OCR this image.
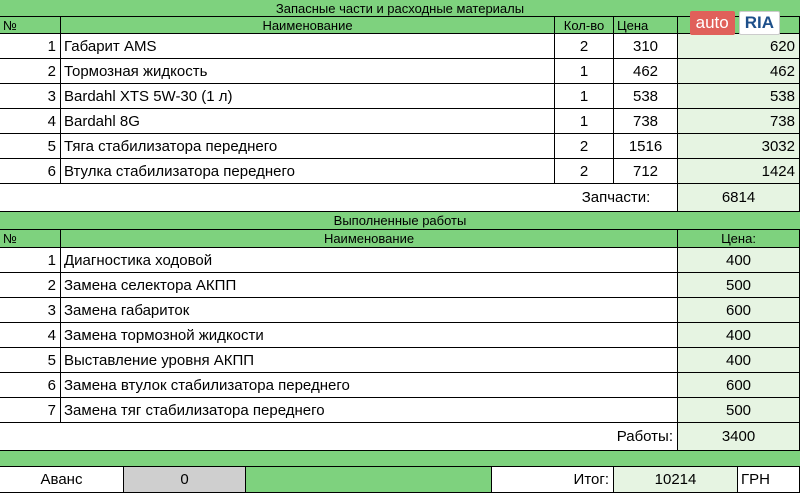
Запасные части и расходные материалы
№	Наименование	Кол-во Цена
1 Габарит AMS	2	310	620
2 Тормозная жидкость	1	462	462
3 Bardahl XTS 5W-30 (1 л)	1	538	538
4 Bardahl 8G	1	738	738
5 Тяга стабилизатора переднего	2	1516	3032
6 Втулка стабилизатора переднего	2	712	1424
Запчасти:	6814
Выполненные работы
№	Наименование	Цена:
1 Диагностика ходовой	400
2 Замена селектора АКПП	500
3 Замена габариток	600
4 Замена тормозной жидкости	400
5 Выставление уровня АКПП	400
6 Замена втулок стабилизатора переднего	600
7 Замена тяг стабилизатора переднего	500
Работы:	3400
Аванс	0	Итог:	10214	ГРН
auto RIA
